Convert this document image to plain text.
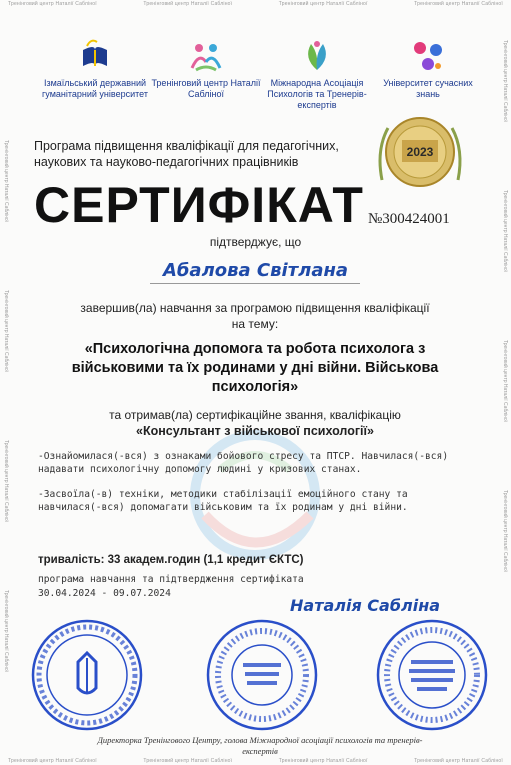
Тренінговий центр Наталії Сабліної	Тренінговий центр Наталії Сабліної	Тренінговий центр Наталії Сабліної	Тренінговий центр Наталії Сабліної
Тренінговий центр Наталії Сабліної	Тренінговий центр Наталії Сабліної	Тренінговий центр Наталії Сабліної	Тренінговий центр Наталії Сабліної
Тренінговий центр Наталії Сабліної
Тренінговий центр Наталії Сабліної
Тренінговий центр Наталії Сабліної
Тренінговий центр Наталії Сабліної
Тренінговий центр Наталії Сабліної
Тренінговий центр Наталії Сабліної
Тренінговий центр Наталії Сабліної
Тренінговий центр Наталії Сабліної
Ізмаїльський державний гуманітарний університет
Тренінговий центр Наталії Сабліної
Міжнародна Асоціація Психологів та Тренерів-експертів
Університет сучасних знань
Програма підвищення кваліфікації для педагогічних, наукових та науково-педагогічних працівників
2023
СЕРТИФІКАТ №300424001
підтверджує, що
Абалова Світлана
завершив(ла) навчання за програмою підвищення кваліфікації на тему:
«Психологічна допомога та робота психолога з військовими та їх родинами у дні війни. Військова психологія»
та отримав(ла) сертифікаційне звання, кваліфікацію
«Консультант з військової психології»

-Ознайомилася(-вся) з ознаками бойового стресу та ПТСР. Навчилася(-вся) надавати психологічну допомогу людині у кризових станах.

-Засвоїла(-в) техніки, методики стабілізації емоційного стану та навчилася(-вся) допомагати військовим та їх родинам у дні війни.

тривалість: 33 академ.годин (1,1 кредит ЄКТС)
програма навчання та підтвердження сертифіката
30.04.2024 - 09.07.2024
Наталія Сабліна
Директорка Тренінгового Центру, голова Міжнародної асоціації психологів та тренерів-експертів
